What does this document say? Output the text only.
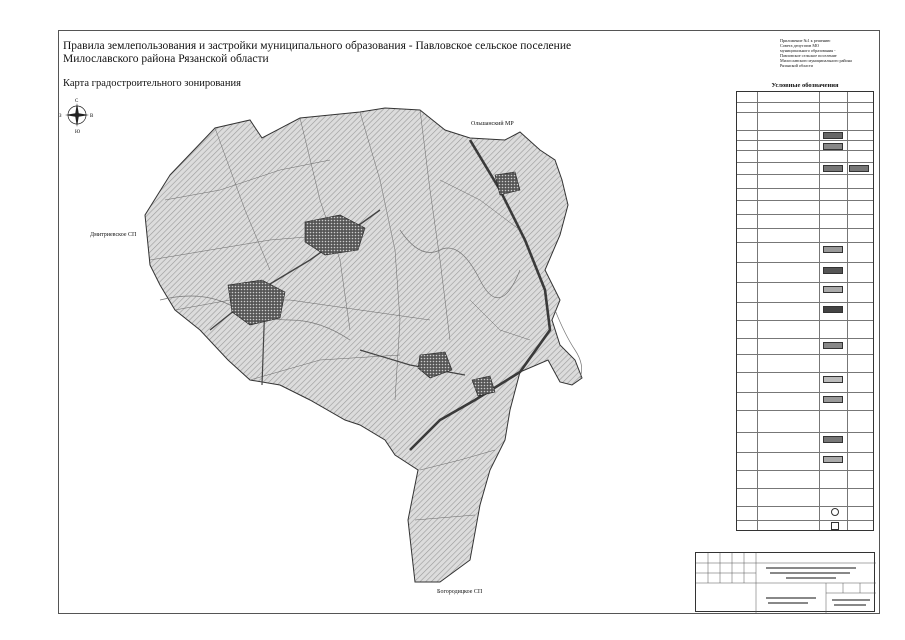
Правила землепользования и застройки муниципального образования - Павловское сельское поселение
Милославского района Рязанской области
Карта градостроительного зонирования
Приложение №1 к решению
Совета депутатов МО
муниципального образования -
Павловское сельское поселение
Милославского муниципального района
Рязанской области
С
Ю
З	В
Ольшанский МР
Дмитриевское СП
Богородицкое СП
Условные обозначения
